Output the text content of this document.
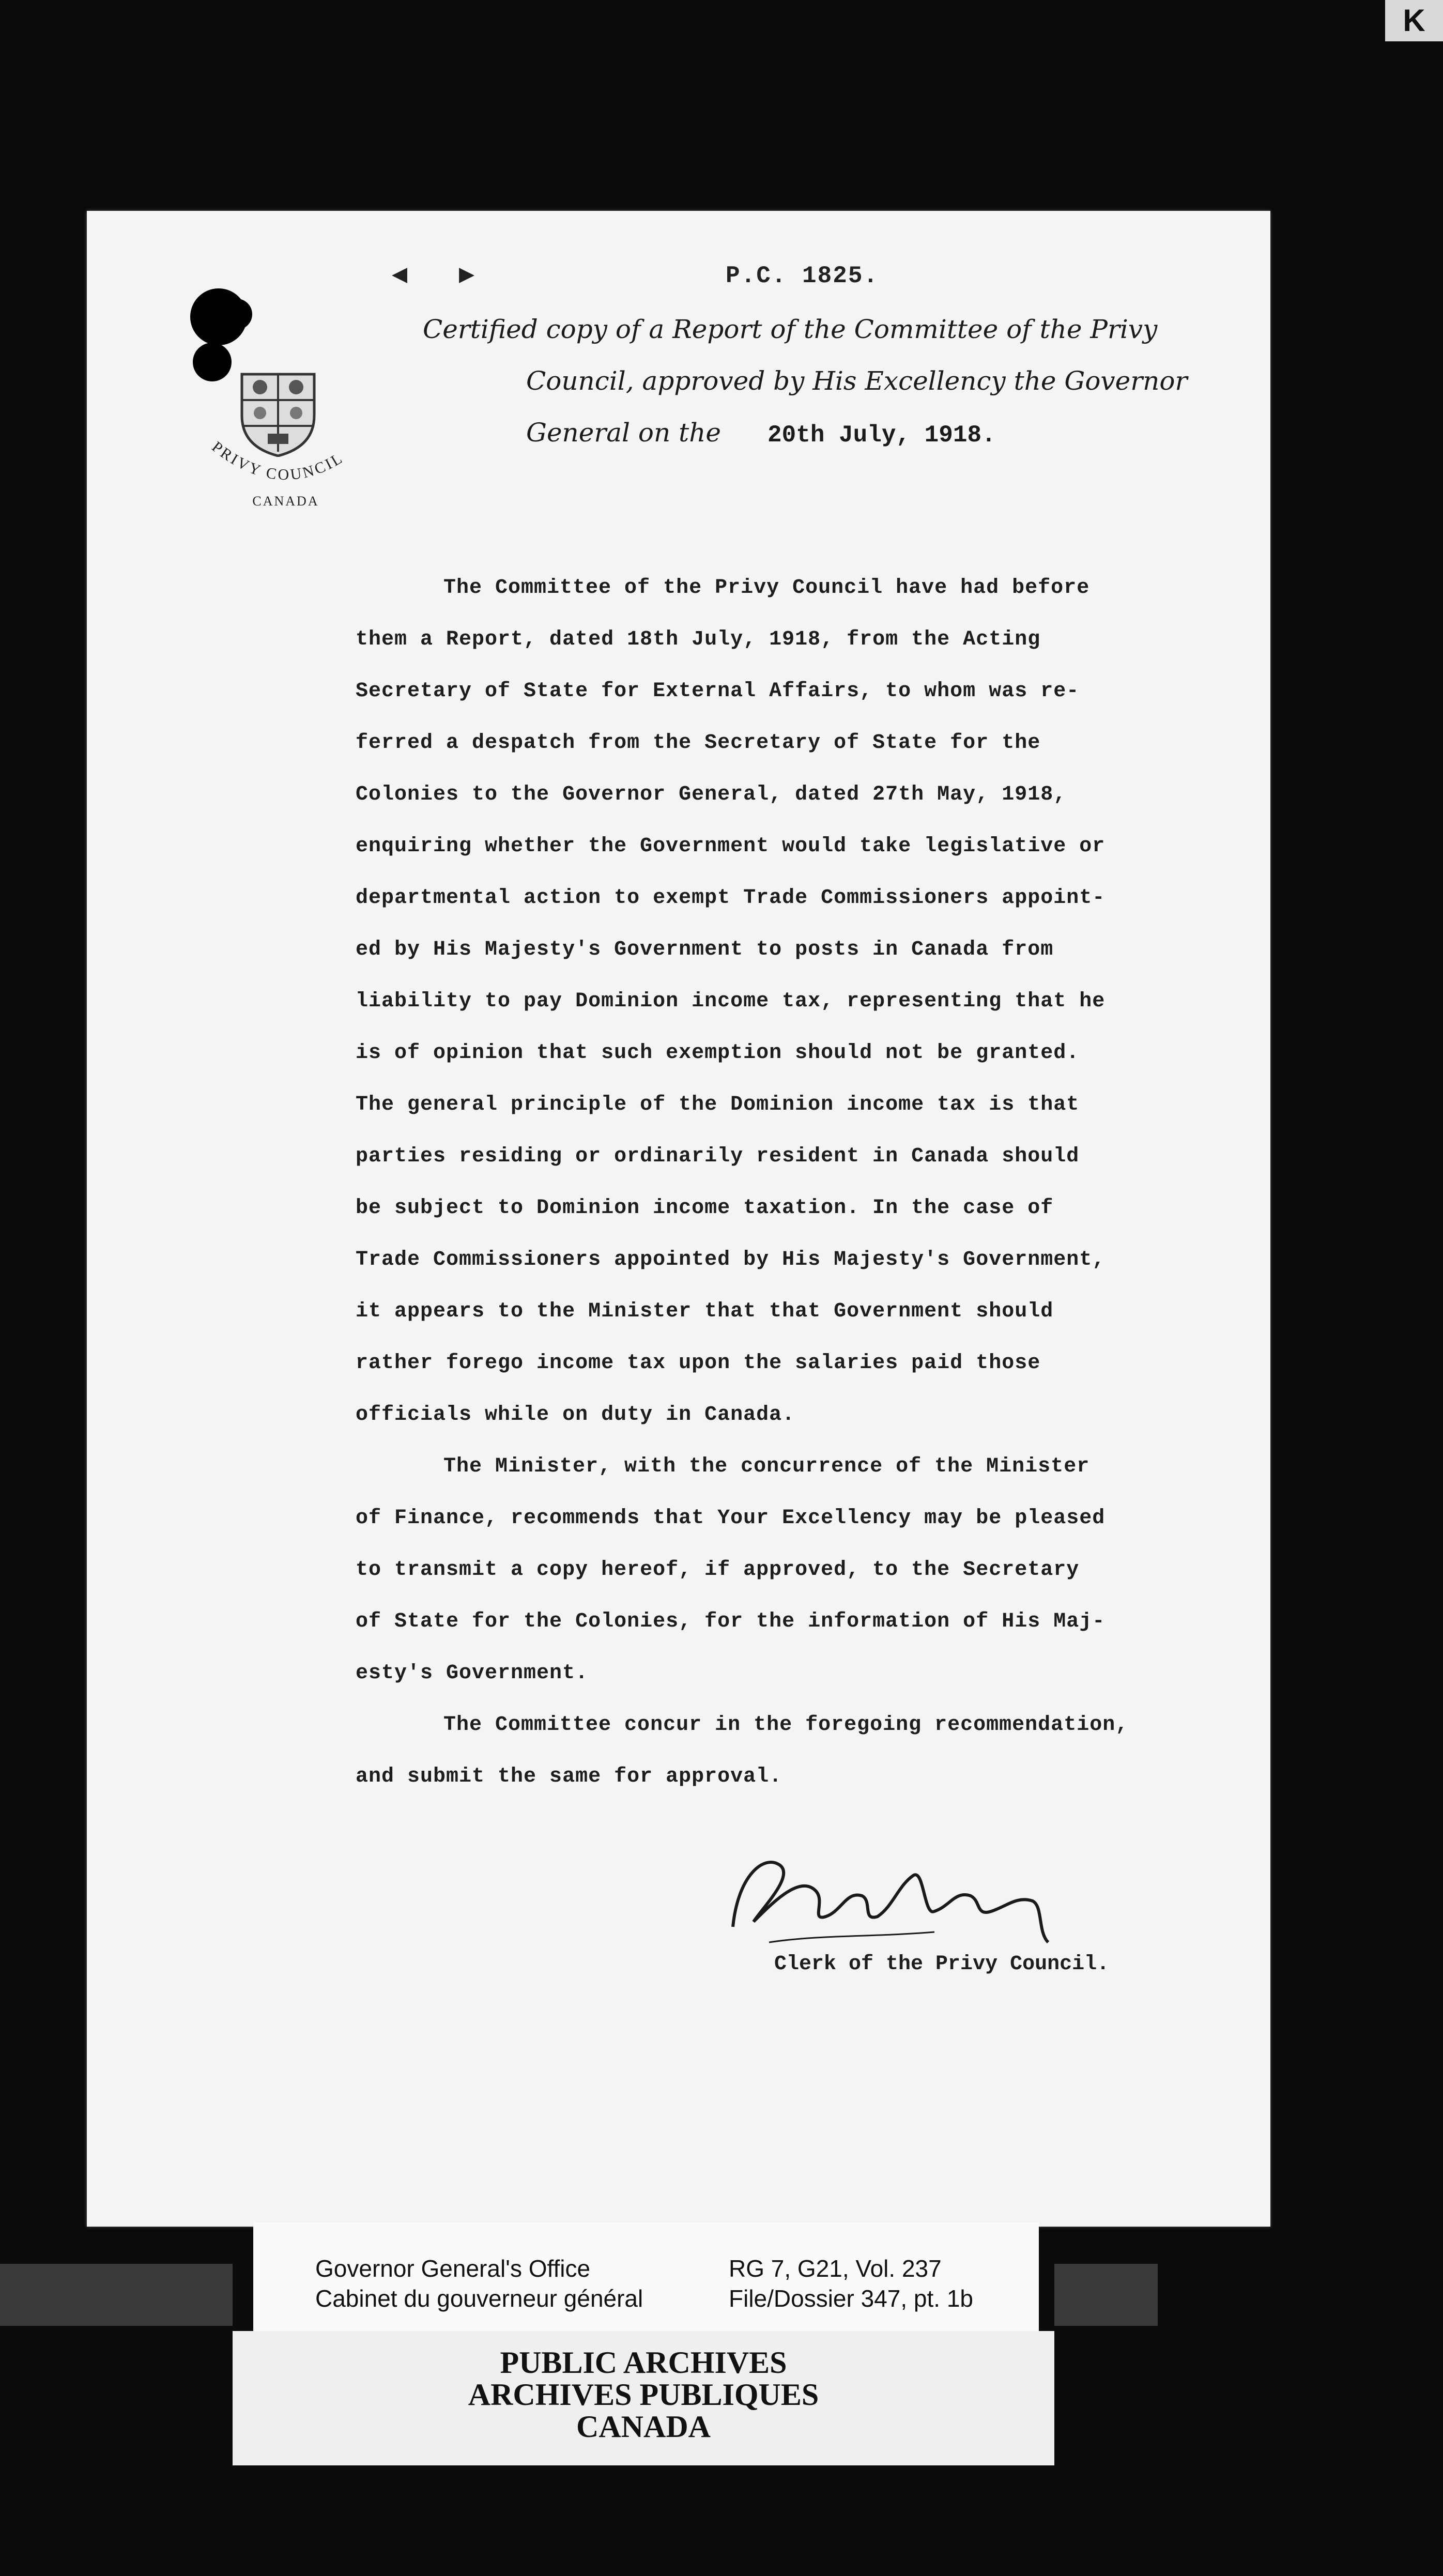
K
◀ ▶	P.C. 1825.
PRIVY COUNCIL
CANADA
Certified copy of a Report of the Committee of the Privy
Council, approved by His Excellency the Governor
General on the 20th July, 1918.

The Committee of the Privy Council have had before
them a Report, dated 18th July, 1918, from the Acting
Secretary of State for External Affairs, to whom was re-
ferred a despatch from the Secretary of State for the
Colonies to the Governor General, dated 27th May, 1918,
enquiring whether the Government would take legislative or
departmental action to exempt Trade Commissioners appoint-
ed by His Majesty's Government to posts in Canada from
liability to pay Dominion income tax, representing that he
is of opinion that such exemption should not be granted.
The general principle of the Dominion income tax is that
parties residing or ordinarily resident in Canada should
be subject to Dominion income taxation. In the case of
Trade Commissioners appointed by His Majesty's Government,
it appears to the Minister that that Government should
rather forego income tax upon the salaries paid those
officials while on duty in Canada.

The Minister, with the concurrence of the Minister
of Finance, recommends that Your Excellency may be pleased
to transmit a copy hereof, if approved, to the Secretary
of State for the Colonies, for the information of His Maj-
esty's Government.

The Committee concur in the foregoing recommendation,
and submit the same for approval.

Clerk of the Privy Council.
Governor General's Office
Cabinet du gouverneur général
RG 7, G21, Vol. 237
File/Dossier 347, pt. 1b
PUBLIC ARCHIVES
ARCHIVES PUBLIQUES
CANADA
